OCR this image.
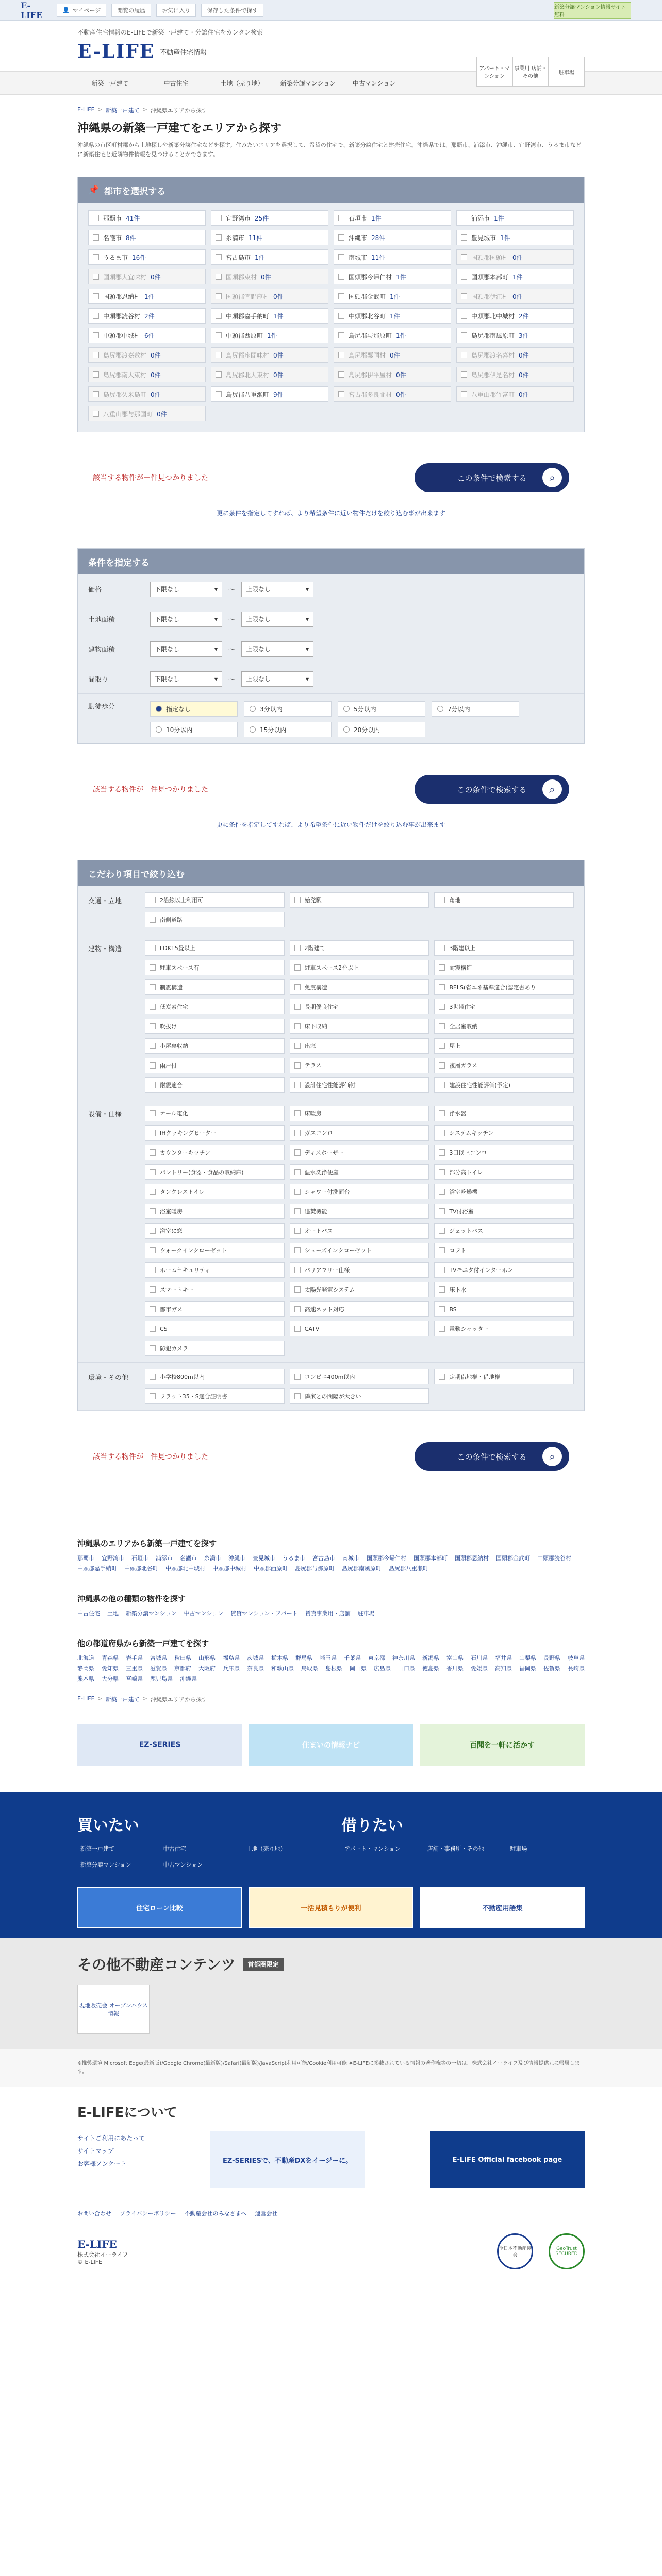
E-LIFE	👤 マイページ	閲覧の履歴	お気に入り	保存した条件で探す	新築分譲マンション情報サイト 無料
不動産住宅情報のE-LIFEで新築一戸建て・分譲住宅をカンタン検索
E-LIFE 不動産住宅情報
アパート・マンション
事業用 店舗・その他
駐車場
新築一戸建て	中古住宅	土地（売り地）	新築分譲マンション	中古マンション
E-LIFE > 新築一戸建て > 沖縄県エリアから探す
沖縄県の新築一戸建てをエリアから探す
沖縄県の市区町村郡から土地探しや新築分譲住宅などを探す。住みたいエリアを選択して、希望の住宅で、新築分譲住宅と建売住宅。沖縄県では、那覇市、浦添市、沖縄市、宜野湾市、うるま市などに新築住宅と近隣物件情報を見つけることができます。
📌 都市を選択する
那覇市 41件	宜野湾市 25件	石垣市 1件	浦添市 1件
名護市 8件	糸満市 11件	沖縄市 28件	豊見城市 1件
うるま市 16件	宮古島市 1件	南城市 11件	国頭郡国頭村 0件
国頭郡大宜味村 0件	国頭郡東村 0件	国頭郡今帰仁村 1件	国頭郡本部町 1件
国頭郡恩納村 1件	国頭郡宜野座村 0件	国頭郡金武町 1件	国頭郡伊江村 0件
中頭郡読谷村 2件	中頭郡嘉手納町 1件	中頭郡北谷町 1件	中頭郡北中城村 2件
中頭郡中城村 6件	中頭郡西原町 1件	島尻郡与那原町 1件	島尻郡南風原町 3件
島尻郡渡嘉敷村 0件	島尻郡座間味村 0件	島尻郡粟国村 0件	島尻郡渡名喜村 0件
島尻郡南大東村 0件	島尻郡北大東村 0件	島尻郡伊平屋村 0件	島尻郡伊是名村 0件
島尻郡久米島町 0件	島尻郡八重瀬町 9件	宮古郡多良間村 0件	八重山郡竹富町 0件
八重山郡与那国町 0件
該当する物件が－件見つかりました	この条件で検索する	⌕
更に条件を指定してすれば、より希望条件に近い物件だけを絞り込む事が出来ます
条件を指定する
価格	下限なし	▾ 〜 上限なし	▾
土地面積	下限なし	▾ 〜 上限なし	▾
建物面積	下限なし	▾ 〜 上限なし	▾
間取り	下限なし	▾ 〜 上限なし	▾
駅徒歩分	指定なし	3分以内	5分以内	7分以内
10分以内	15分以内	20分以内
該当する物件が－件見つかりました	この条件で検索する	⌕
更に条件を指定してすれば、より希望条件に近い物件だけを絞り込む事が出来ます
こだわり項目で絞り込む
交通・立地	2沿線以上利用可	始発駅	角地
南側道路
建物・構造	LDK15畳以上	2階建て	3階建以上
駐車スペース有	駐車スペース2台以上	耐震構造
制震構造	免震構造	BELS(省エネ基準適合)認定書あり
低炭素住宅	長期優良住宅	3世帯住宅
吹抜け	床下収納	全居室収納
小屋裏収納	出窓	屋上
雨戸付	テラス	複層ガラス
耐震適合	設計住宅性能評価付	建設住宅性能評価(予定)
設備・仕様	オール電化	床暖房	浄水器
IHクッキングヒーター	ガスコンロ	システムキッチン
カウンターキッチン	ディスポーザー	3口以上コンロ
パントリー(食器・食品の収納庫)	温水洗浄便座	部分高トイレ
タンクレストイレ	シャワー付洗面台	浴室乾燥機
浴室暖房	追焚機能	TV付浴室
浴室に窓	オートバス	ジェットバス
ウォークインクローゼット	シューズインクローゼット	ロフト
ホームセキュリティ	バリアフリー仕様	TVモニタ付インターホン
スマートキー	太陽光発電システム	床下水
都市ガス	高速ネット対応	BS
CS	CATV	電動シャッター
防犯カメラ
環境・その他	小学校800m以内	コンビニ400m以内	定期借地権・借地権
フラット35・S適合証明書	隣家との間隔が大きい
該当する物件が－件見つかりました	この条件で検索する	⌕
沖縄県のエリアから新築一戸建てを探す
那覇市 宜野湾市 石垣市 浦添市 名護市 糸満市 沖縄市 豊見城市 うるま市 宮古島市 南城市 国頭郡今帰仁村 国頭郡本部町 国頭郡恩納村 国頭郡金武町 中頭郡読谷村
中頭郡嘉手納町 中頭郡北谷町 中頭郡北中城村 中頭郡中城村 中頭郡西原町 島尻郡与那原町 島尻郡南風原町 島尻郡八重瀬町
沖縄県の他の種類の物件を探す
中古住宅 土地 新築分譲マンション 中古マンション 賃貸マンション・アパート 賃貸事業用・店舗 駐車場
他の都道府県から新築一戸建てを探す
北海道 青森県 岩手県 宮城県 秋田県 山形県 福島県 茨城県 栃木県 群馬県 埼玉県 千葉県 東京都 神奈川県 新潟県 富山県 石川県 福井県 山梨県 長野県 岐阜県
静岡県 愛知県 三重県 滋賀県 京都府 大阪府 兵庫県 奈良県 和歌山県 鳥取県 島根県 岡山県 広島県 山口県 徳島県 香川県 愛媛県 高知県 福岡県 佐賀県 長崎県
熊本県 大分県 宮崎県 鹿児島県 沖縄県
E-LIFE > 新築一戸建て > 沖縄県エリアから探す
EZ-SERIES	住まいの情報ナビ	百聞を一軒に活かす
買いたい
新築一戸建て	中古住宅	土地（売り地）
新築分譲マンション	中古マンション
借りたい
アパート・マンション	店舗・事務所・その他	駐車場
住宅ローン比較	一括見積もりが便利	不動産用語集
その他不動産コンテンツ	首都圏限定
現地販売会 オープンハウス情報
※推奨環境 Microsoft Edge(最新版)/Google Chrome(最新版)/Safari(最新版)/JavaScript利用可能/Cookie利用可能 ※E-LIFEに掲載されている情報の著作権等の一切は、株式会社イーライフ及び情報提供元に帰属します。
E-LIFEについて
サイトご利用にあたって
サイトマップ
お客様アンケート	EZ-SERIESで、不動産DXをイージーに。	E-LIFE Official facebook page
お問い合わせ プライバシーポリシー 不動産会社のみなさまへ 運営会社
E-LIFE
株式会社イーライフ
© E-LIFE
全日本不動産協会
GeoTrust SECURED
